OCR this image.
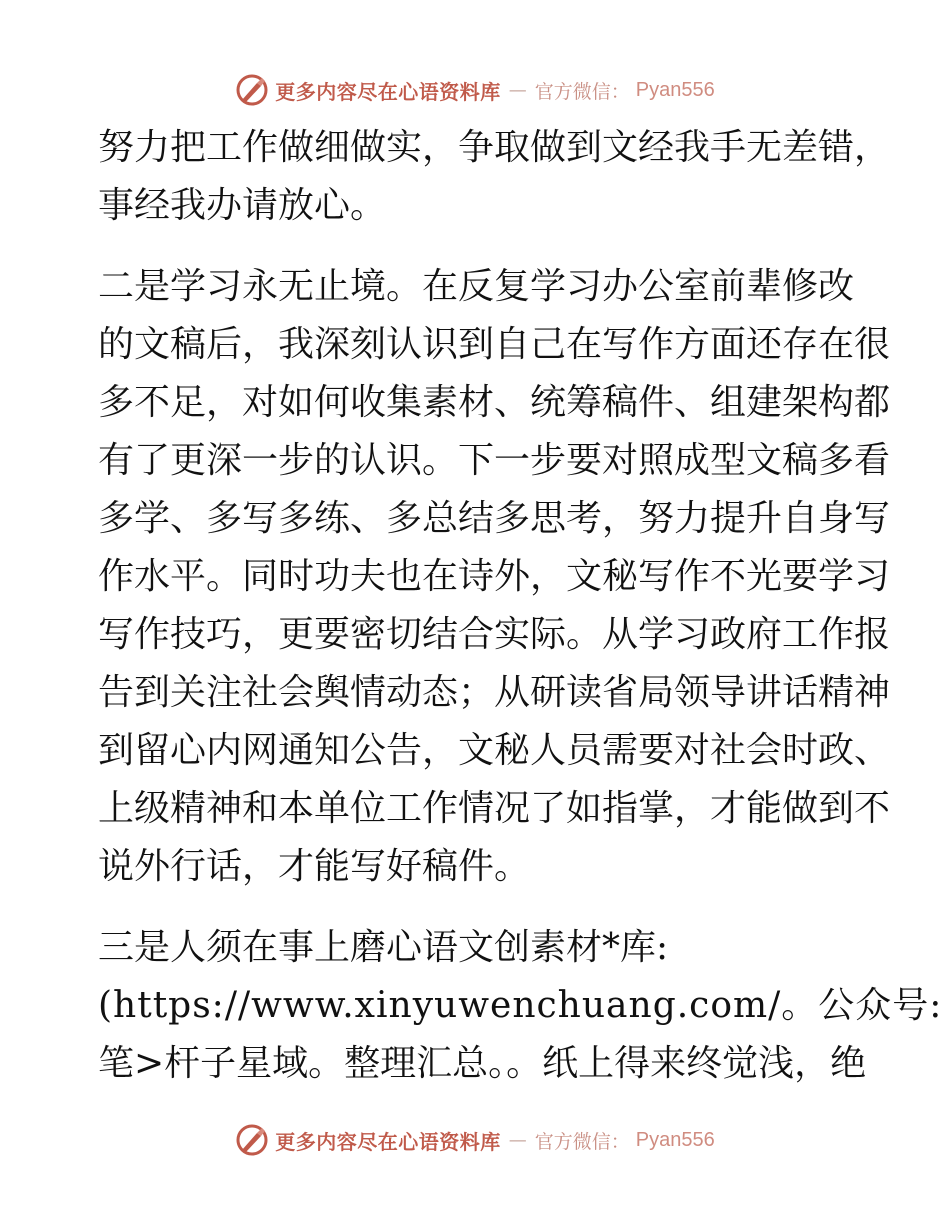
更多内容尽在心语资料库 — 官方微信： Pyan556
努力把工作做细做实，争取做到文经我手无差错，
事经我办请放心。
二是学习永无止境。在反复学习办公室前辈修改
的文稿后，我深刻认识到自己在写作方面还存在很
多不足，对如何收集素材、统筹稿件、组建架构都
有了更深一步的认识。下一步要对照成型文稿多看
多学、多写多练、多总结多思考，努力提升自身写
作水平。同时功夫也在诗外，文秘写作不光要学习
写作技巧，更要密切结合实际。从学习政府工作报
告到关注社会舆情动态；从研读省局领导讲话精神
到留心内网通知公告，文秘人员需要对社会时政、
上级精神和本单位工作情况了如指掌，才能做到不
说外行话，才能写好稿件。
三是人须在事上磨心语文创素材*库:
(https://www.xinyuwenchuang.com/。公众号:
笔>杆子星域。整理汇总。。纸上得来终觉浅，绝
更多内容尽在心语资料库 — 官方微信： Pyan556
